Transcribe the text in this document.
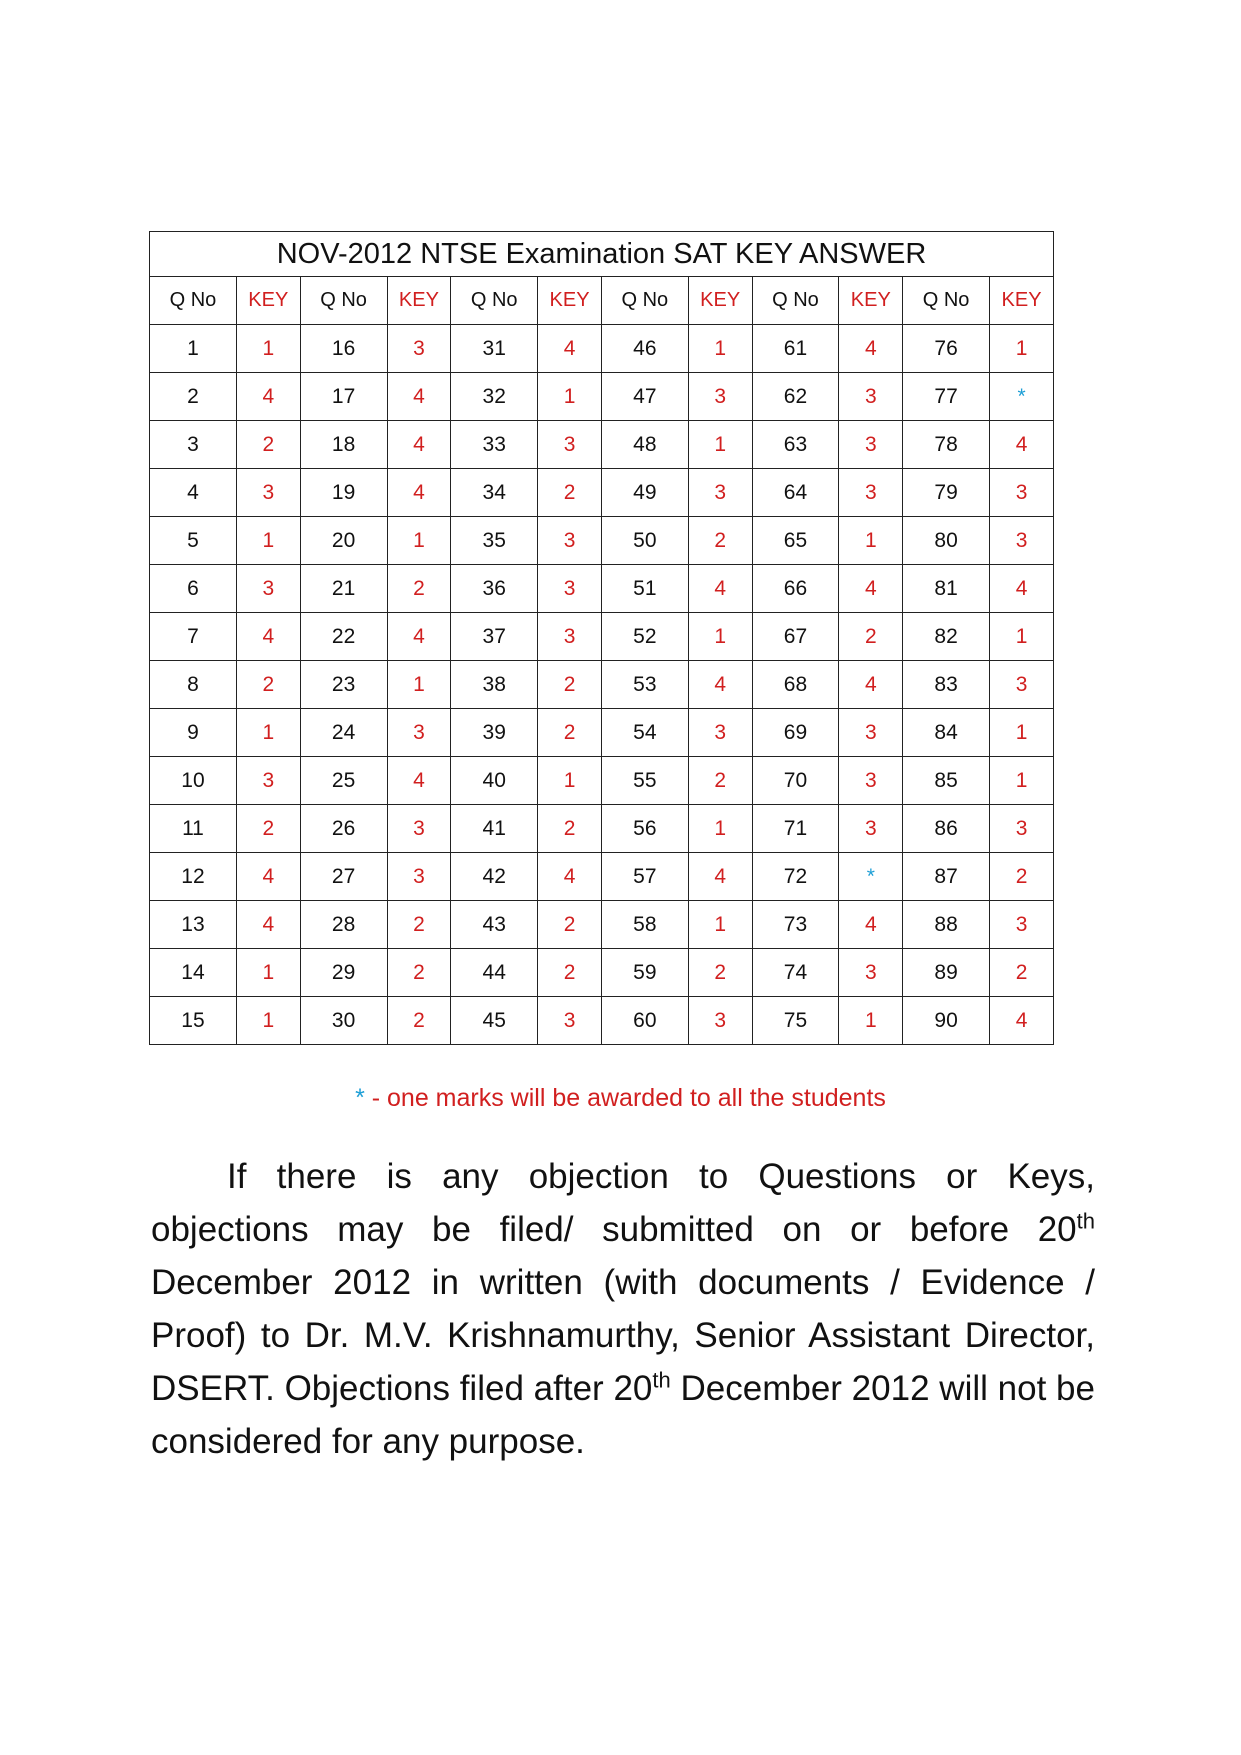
NOV-2012 NTSE Examination SAT KEY ANSWER											
Q No	KEY	Q No	KEY	Q No	KEY	Q No	KEY	Q No	KEY	Q No	KEY
1	1	16	3	31	4	46	1	61	4	76	1
2	4	17	4	32	1	47	3	62	3	77	*
3	2	18	4	33	3	48	1	63	3	78	4
4	3	19	4	34	2	49	3	64	3	79	3
5	1	20	1	35	3	50	2	65	1	80	3
6	3	21	2	36	3	51	4	66	4	81	4
7	4	22	4	37	3	52	1	67	2	82	1
8	2	23	1	38	2	53	4	68	4	83	3
9	1	24	3	39	2	54	3	69	3	84	1
10	3	25	4	40	1	55	2	70	3	85	1
11	2	26	3	41	2	56	1	71	3	86	3
12	4	27	3	42	4	57	4	72	*	87	2
13	4	28	2	43	2	58	1	73	4	88	3
14	1	29	2	44	2	59	2	74	3	89	2
15	1	30	2	45	3	60	3	75	1	90	4
* - one marks will be awarded to all the students
If there is any objection to Questions or Keys, objections may be filed/ submitted on or before 20th December 2012 in written (with documents / Evidence / Proof) to Dr. M.V. Krishnamurthy, Senior Assistant Director, DSERT. Objections filed after 20th December 2012 will not be considered for any purpose.
